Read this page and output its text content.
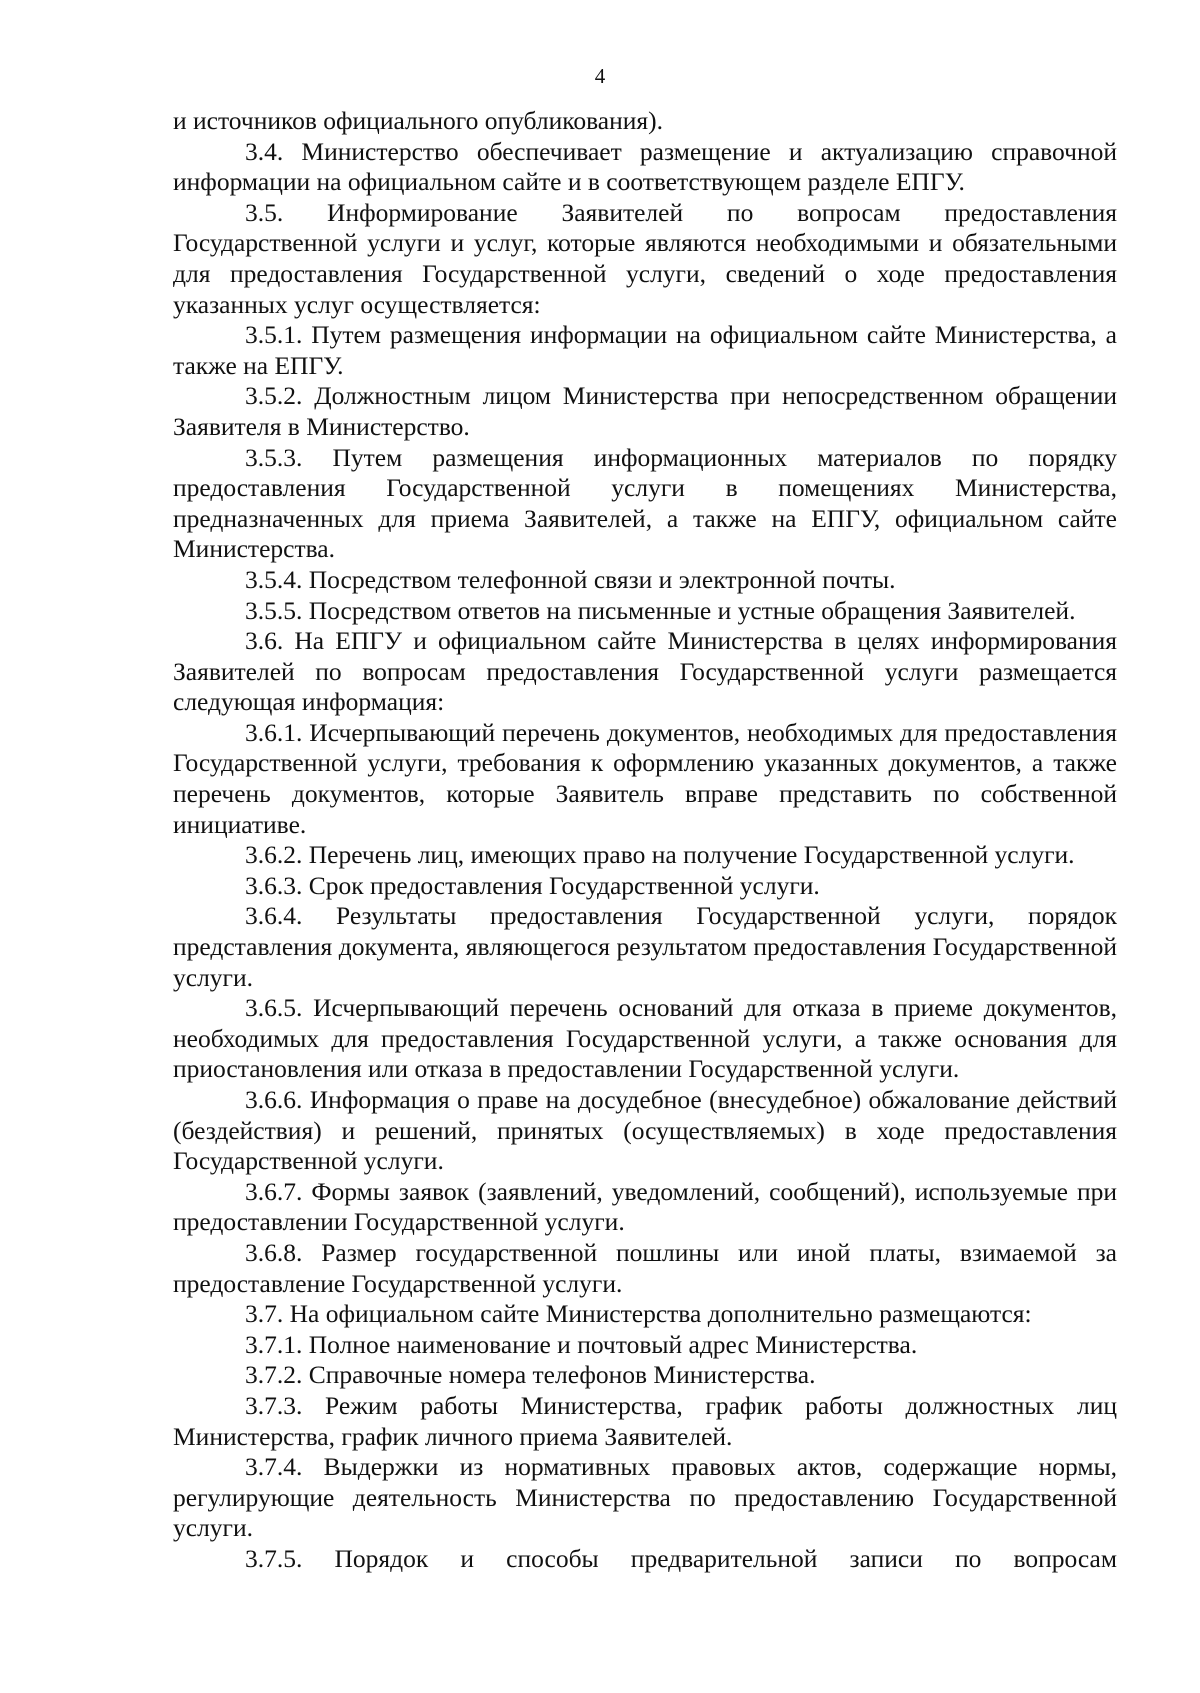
4

и источников официального опубликования).

3.4. Министерство обеспечивает размещение и актуализацию справочной информации на официальном сайте и в соответствующем разделе ЕПГУ.

3.5. Информирование Заявителей по вопросам предоставления Государственной услуги и услуг, которые являются необходимыми и обязательными для предоставления Государственной услуги, сведений о ходе предоставления указанных услуг осуществляется:

3.5.1. Путем размещения информации на официальном сайте Министерства, а также на ЕПГУ.

3.5.2. Должностным лицом Министерства при непосредственном обращении Заявителя в Министерство.

3.5.3. Путем размещения информационных материалов по порядку предоставления Государственной услуги в помещениях Министерства, предназначенных для приема Заявителей, а также на ЕПГУ, официальном сайте Министерства.

3.5.4. Посредством телефонной связи и электронной почты.

3.5.5. Посредством ответов на письменные и устные обращения Заявителей.

3.6. На ЕПГУ и официальном сайте Министерства в целях информирования Заявителей по вопросам предоставления Государственной услуги размещается следующая информация:

3.6.1. Исчерпывающий перечень документов, необходимых для предоставления Государственной услуги, требования к оформлению указанных документов, а также перечень документов, которые Заявитель вправе представить по собственной инициативе.

3.6.2. Перечень лиц, имеющих право на получение Государственной услуги.

3.6.3. Срок предоставления Государственной услуги.

3.6.4. Результаты предоставления Государственной услуги, порядок представления документа, являющегося результатом предоставления Государственной услуги.

3.6.5. Исчерпывающий перечень оснований для отказа в приеме документов, необходимых для предоставления Государственной услуги, а также основания для приостановления или отказа в предоставлении Государственной услуги.

3.6.6. Информация о праве на досудебное (внесудебное) обжалование действий (бездействия) и решений, принятых (осуществляемых) в ходе предоставления Государственной услуги.

3.6.7. Формы заявок (заявлений, уведомлений, сообщений), используемые при предоставлении Государственной услуги.

3.6.8. Размер государственной пошлины или иной платы, взимаемой за предоставление Государственной услуги.

3.7. На официальном сайте Министерства дополнительно размещаются:

3.7.1. Полное наименование и почтовый адрес Министерства.

3.7.2. Справочные номера телефонов Министерства.

3.7.3. Режим работы Министерства, график работы должностных лиц Министерства, график личного приема Заявителей.

3.7.4. Выдержки из нормативных правовых актов, содержащие нормы, регулирующие деятельность Министерства по предоставлению Государственной услуги.

3.7.5. Порядок и способы предварительной записи по вопросам
